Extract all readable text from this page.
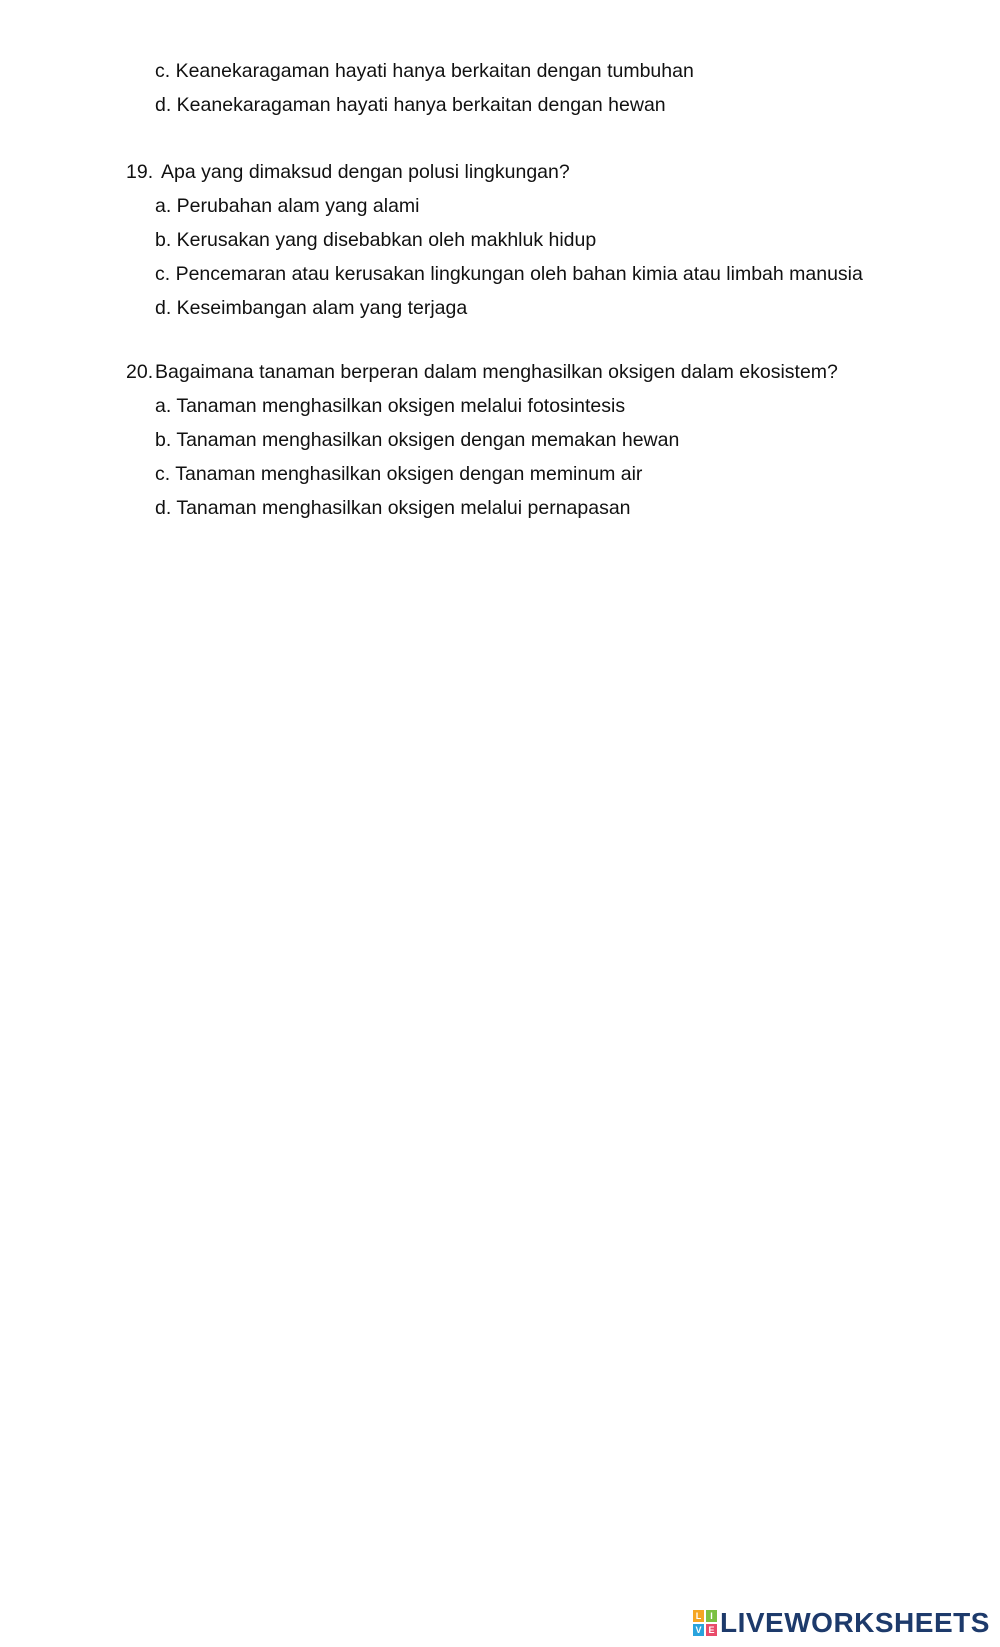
c. Keanekaragaman hayati hanya berkaitan dengan tumbuhan
d. Keanekaragaman hayati hanya berkaitan dengan hewan
19. Apa yang dimaksud dengan polusi lingkungan?
a. Perubahan alam yang alami
b. Kerusakan yang disebabkan oleh makhluk hidup
c. Pencemaran atau kerusakan lingkungan oleh bahan kimia atau limbah manusia
d. Keseimbangan alam yang terjaga
20. Bagaimana tanaman berperan dalam menghasilkan oksigen dalam ekosistem?
a. Tanaman menghasilkan oksigen melalui fotosintesis
b. Tanaman menghasilkan oksigen dengan memakan hewan
c. Tanaman menghasilkan oksigen dengan meminum air
d. Tanaman menghasilkan oksigen melalui pernapasan
L I
V E LIVEWORKSHEETS
